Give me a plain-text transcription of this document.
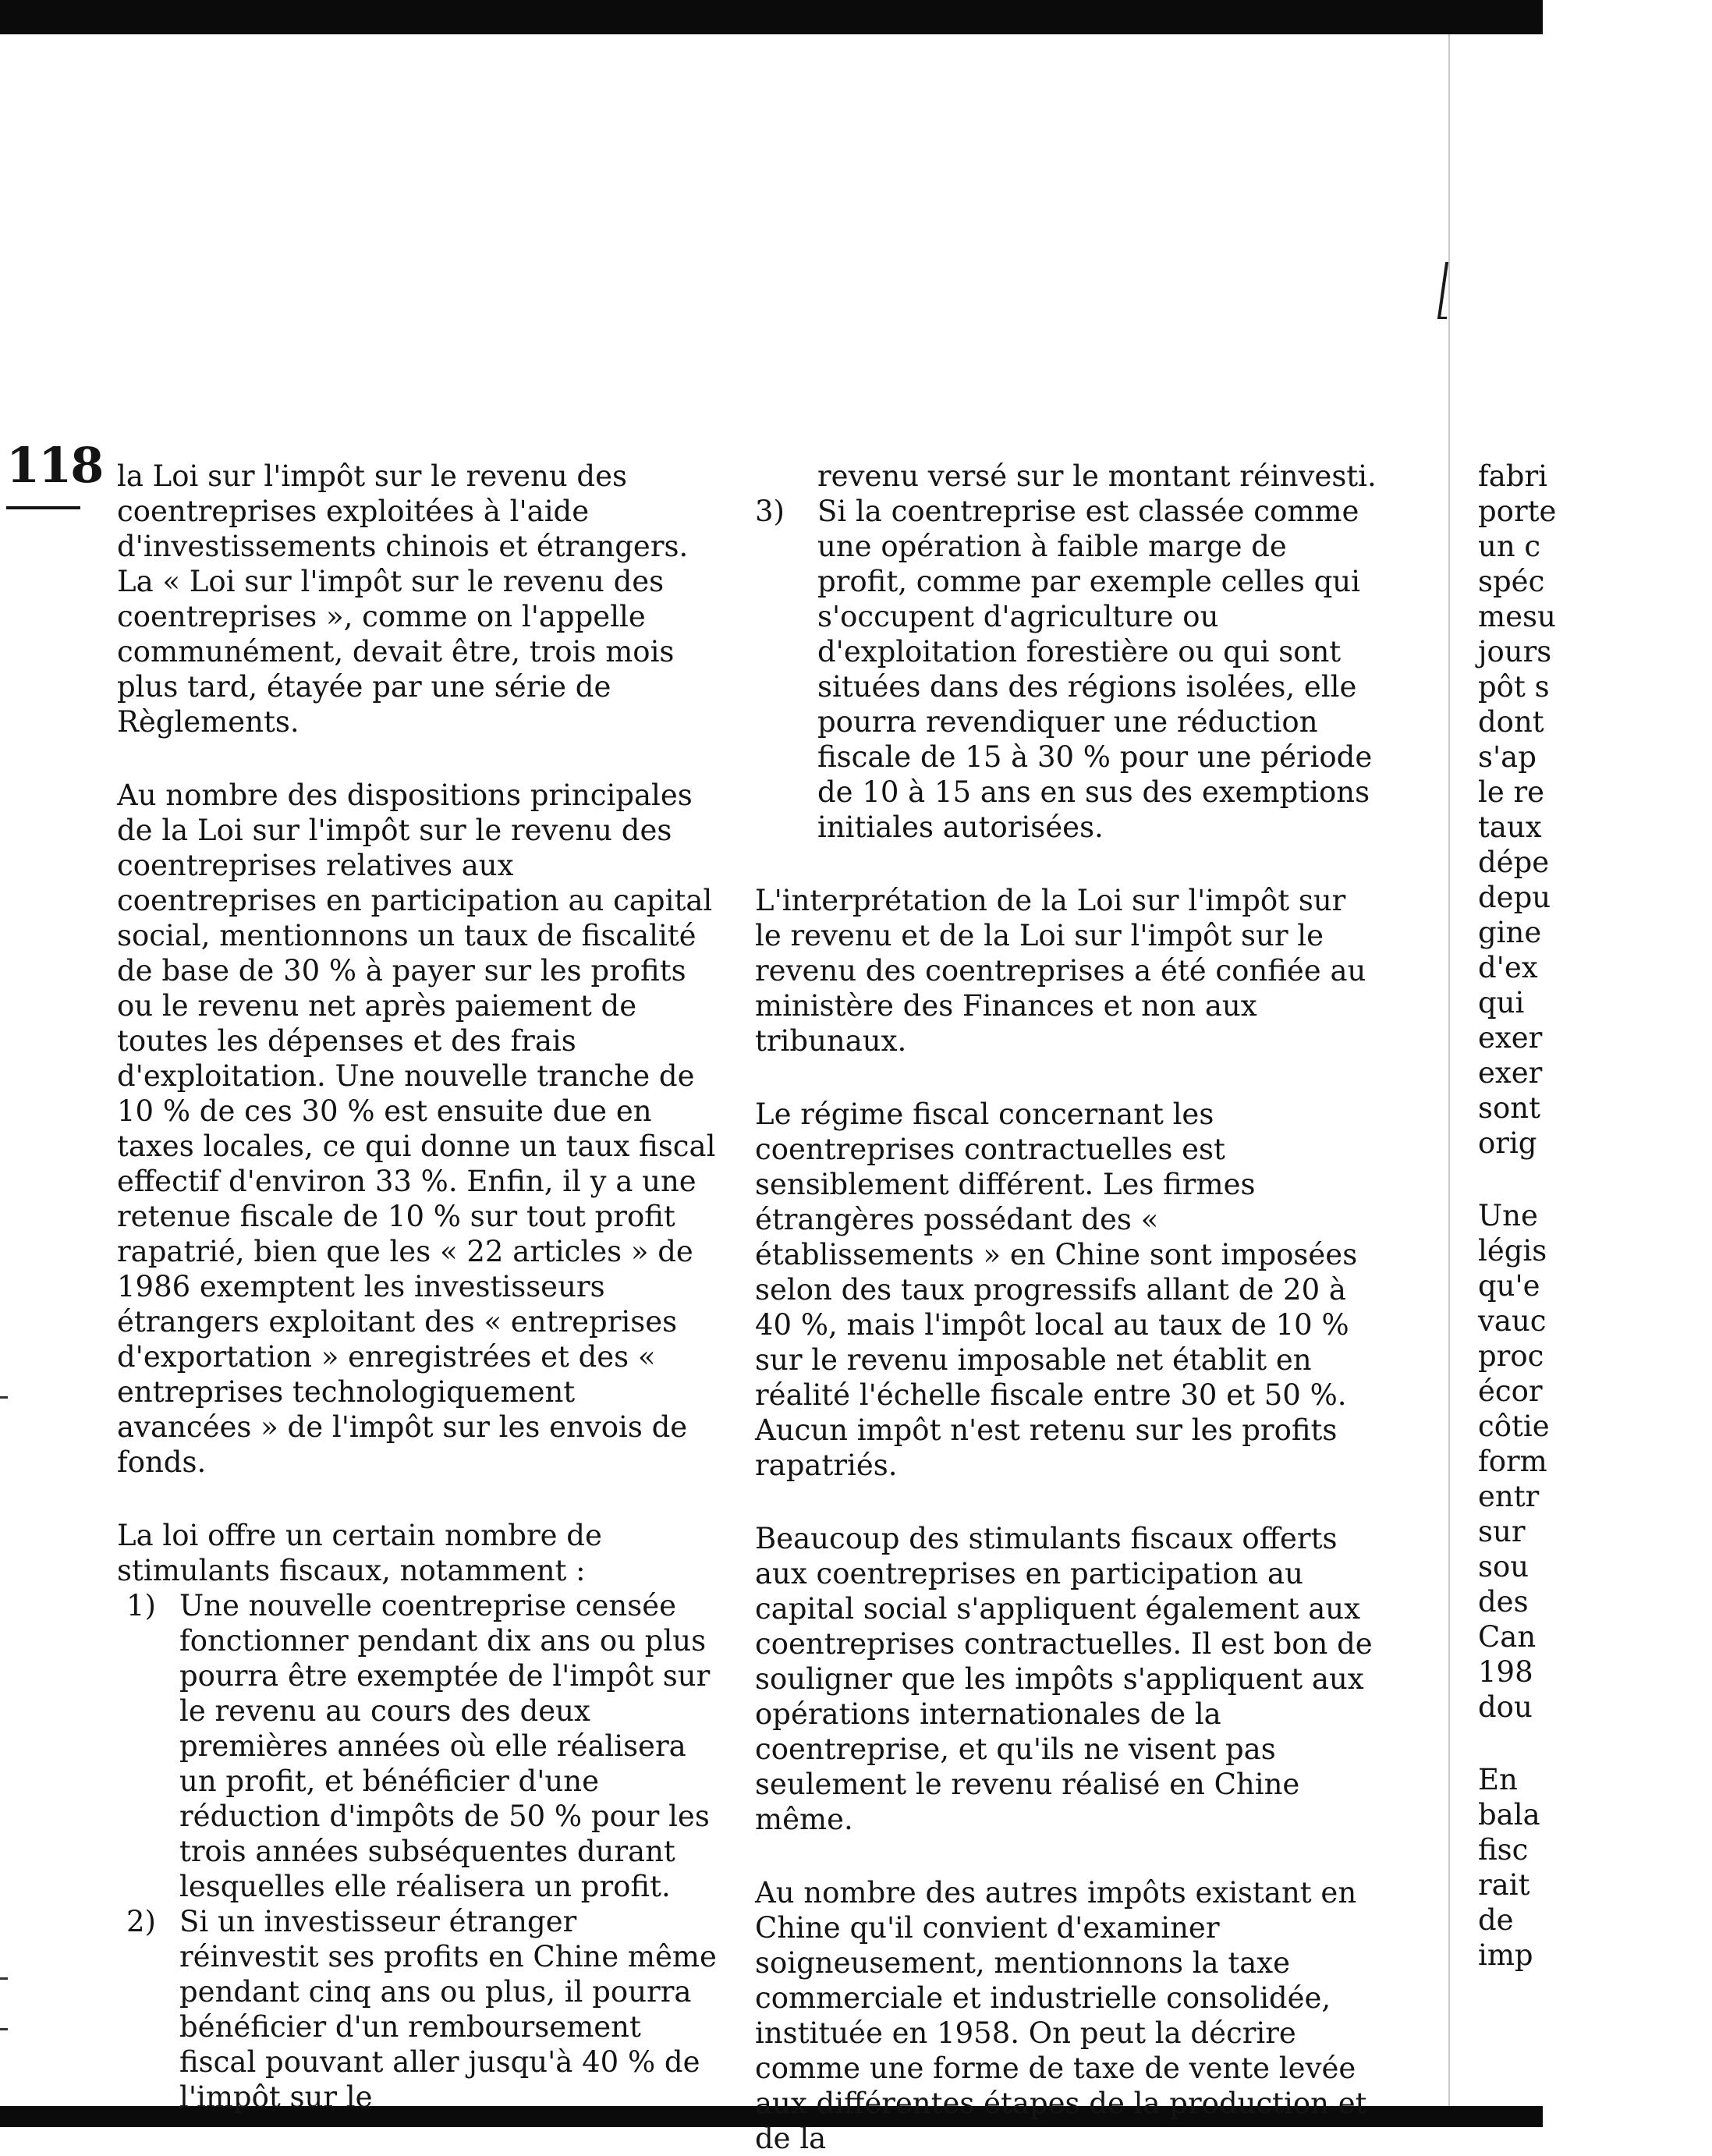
118 la Loi sur l'impôt sur le revenu des coentreprises exploitées à l'aide d'investissements chinois et étrangers. La « Loi sur l'impôt sur le revenu des coentreprises », comme on l'appelle communément, devait être, trois mois plus tard, étayée par une série de Règlements.

Au nombre des dispositions principales de la Loi sur l'impôt sur le revenu des coentreprises relatives aux coentreprises en participation au capital social, mentionnons un taux de fiscalité de base de 30 % à payer sur les profits ou le revenu net après paiement de toutes les dépenses et des frais d'exploitation. Une nouvelle tranche de 10 % de ces 30 % est ensuite due en taxes locales, ce qui donne un taux fiscal effectif d'environ 33 %. Enfin, il y a une retenue fiscale de 10 % sur tout profit rapatrié, bien que les « 22 articles » de 1986 exemptent les investisseurs étrangers exploitant des « entreprises d'exportation » enregistrées et des « entreprises technologiquement avancées » de l'impôt sur les envois de fonds.

La loi offre un certain nombre de stimulants fiscaux, notamment :

1) Une nouvelle coentreprise censée fonctionner pendant dix ans ou plus pourra être exemptée de l'impôt sur le revenu au cours des deux premières années où elle réalisera un profit, et bénéficier d'une réduction d'impôts de 50 % pour les trois années subséquentes durant lesquelles elle réalisera un profit.
2) Si un investisseur étranger réinvestit ses profits en Chine même pendant cinq ans ou plus, il pourra bénéficier d'un remboursement fiscal pouvant aller jusqu'à 40 % de l'impôt sur le

revenu versé sur le montant réinvesti.

3) Si la coentreprise est classée comme une opération à faible marge de profit, comme par exemple celles qui s'occupent d'agriculture ou d'exploitation forestière ou qui sont situées dans des régions isolées, elle pourra revendiquer une réduction fiscale de 15 à 30 % pour une période de 10 à 15 ans en sus des exemptions initiales autorisées.

L'interprétation de la Loi sur l'impôt sur le revenu et de la Loi sur l'impôt sur le revenu des coentreprises a été confiée au ministère des Finances et non aux tribunaux.

Le régime fiscal concernant les coentreprises contractuelles est sensiblement différent. Les firmes étrangères possédant des « établissements » en Chine sont imposées selon des taux progressifs allant de 20 à 40 %, mais l'impôt local au taux de 10 % sur le revenu imposable net établit en réalité l'échelle fiscale entre 30 et 50 %. Aucun impôt n'est retenu sur les profits rapatriés.

Beaucoup des stimulants fiscaux offerts aux coentreprises en participation au capital social s'appliquent également aux coentreprises contractuelles. Il est bon de souligner que les impôts s'appliquent aux opérations internationales de la coentreprise, et qu'ils ne visent pas seulement le revenu réalisé en Chine même.

Au nombre des autres impôts existant en Chine qu'il convient d'examiner soigneusement, mentionnons la taxe commerciale et industrielle consolidée, instituée en 1958. On peut la décrire comme une forme de taxe de vente levée aux différentes étapes de la production et de la

fabri
porte
un c
spéc
mesu
jours
pôt s
dont
s'ap
le re
taux
dépe
depu
gine
d'ex
qui
exer
exer
sont
orig
Une
légis
qu'e
vauc
proc
écor
côtie
form
entr
sur
sou
des
Can
198
dou
En
bala
fisc
rait
de
imp
